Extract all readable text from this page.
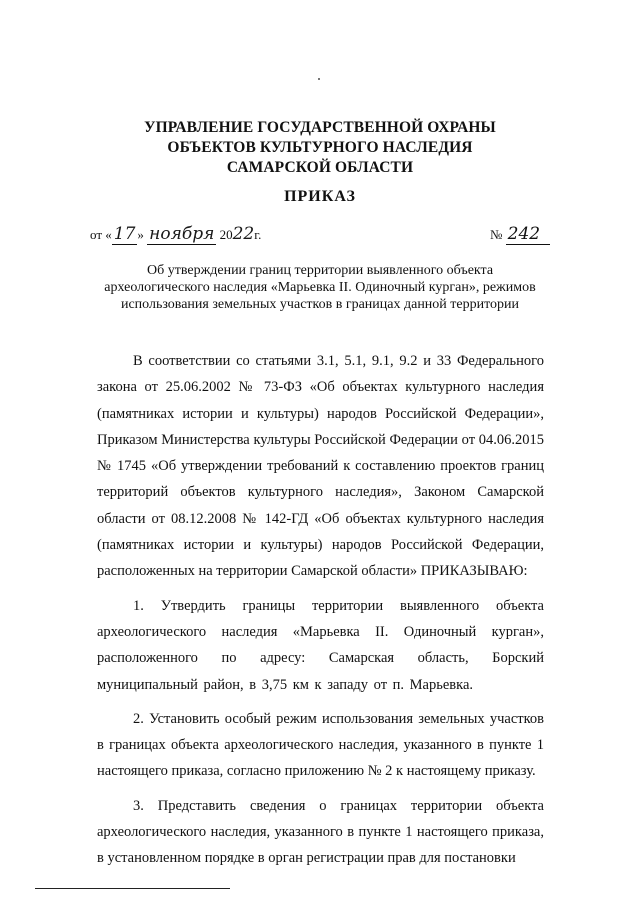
УПРАВЛЕНИЕ ГОСУДАРСТВЕННОЙ ОХРАНЫ
ОБЪЕКТОВ КУЛЬТУРНОГО НАСЛЕДИЯ
САМАРСКОЙ ОБЛАСТИ
ПРИКАЗ
от « 17 » ноября 2022г.	№ 242
Об утверждении границ территории выявленного объекта
археологического наследия «Марьевка II. Одиночный курган», режимов
использования земельных участков в границах данной территории

В соответствии со статьями 3.1, 5.1, 9.1, 9.2 и 33 Федерального закона от 25.06.2002 № 73-ФЗ «Об объектах культурного наследия (памятниках истории и культуры) народов Российской Федерации», Приказом Министерства культуры Российской Федерации от 04.06.2015 № 1745 «Об утверждении требований к составлению проектов границ территорий объектов культурного наследия», Законом Самарской области от 08.12.2008 № 142-ГД «Об объектах культурного наследия (памятниках истории и культуры) народов Российской Федерации, расположенных на территории Самарской области» ПРИКАЗЫВАЮ:

1. Утвердить границы территории выявленного объекта археологического наследия «Марьевка II. Одиночный курган», расположенного по адресу: Самарская область, Борский муниципальный район, в 3,75 км к западу от п. Марьевка.

2. Установить особый режим использования земельных участков в границах объекта археологического наследия, указанного в пункте 1 настоящего приказа, согласно приложению № 2 к настоящему приказу.

3. Представить сведения о границах территории объекта археологического наследия, указанного в пункте 1 настоящего приказа, в установленном порядке в орган регистрации прав для постановки
